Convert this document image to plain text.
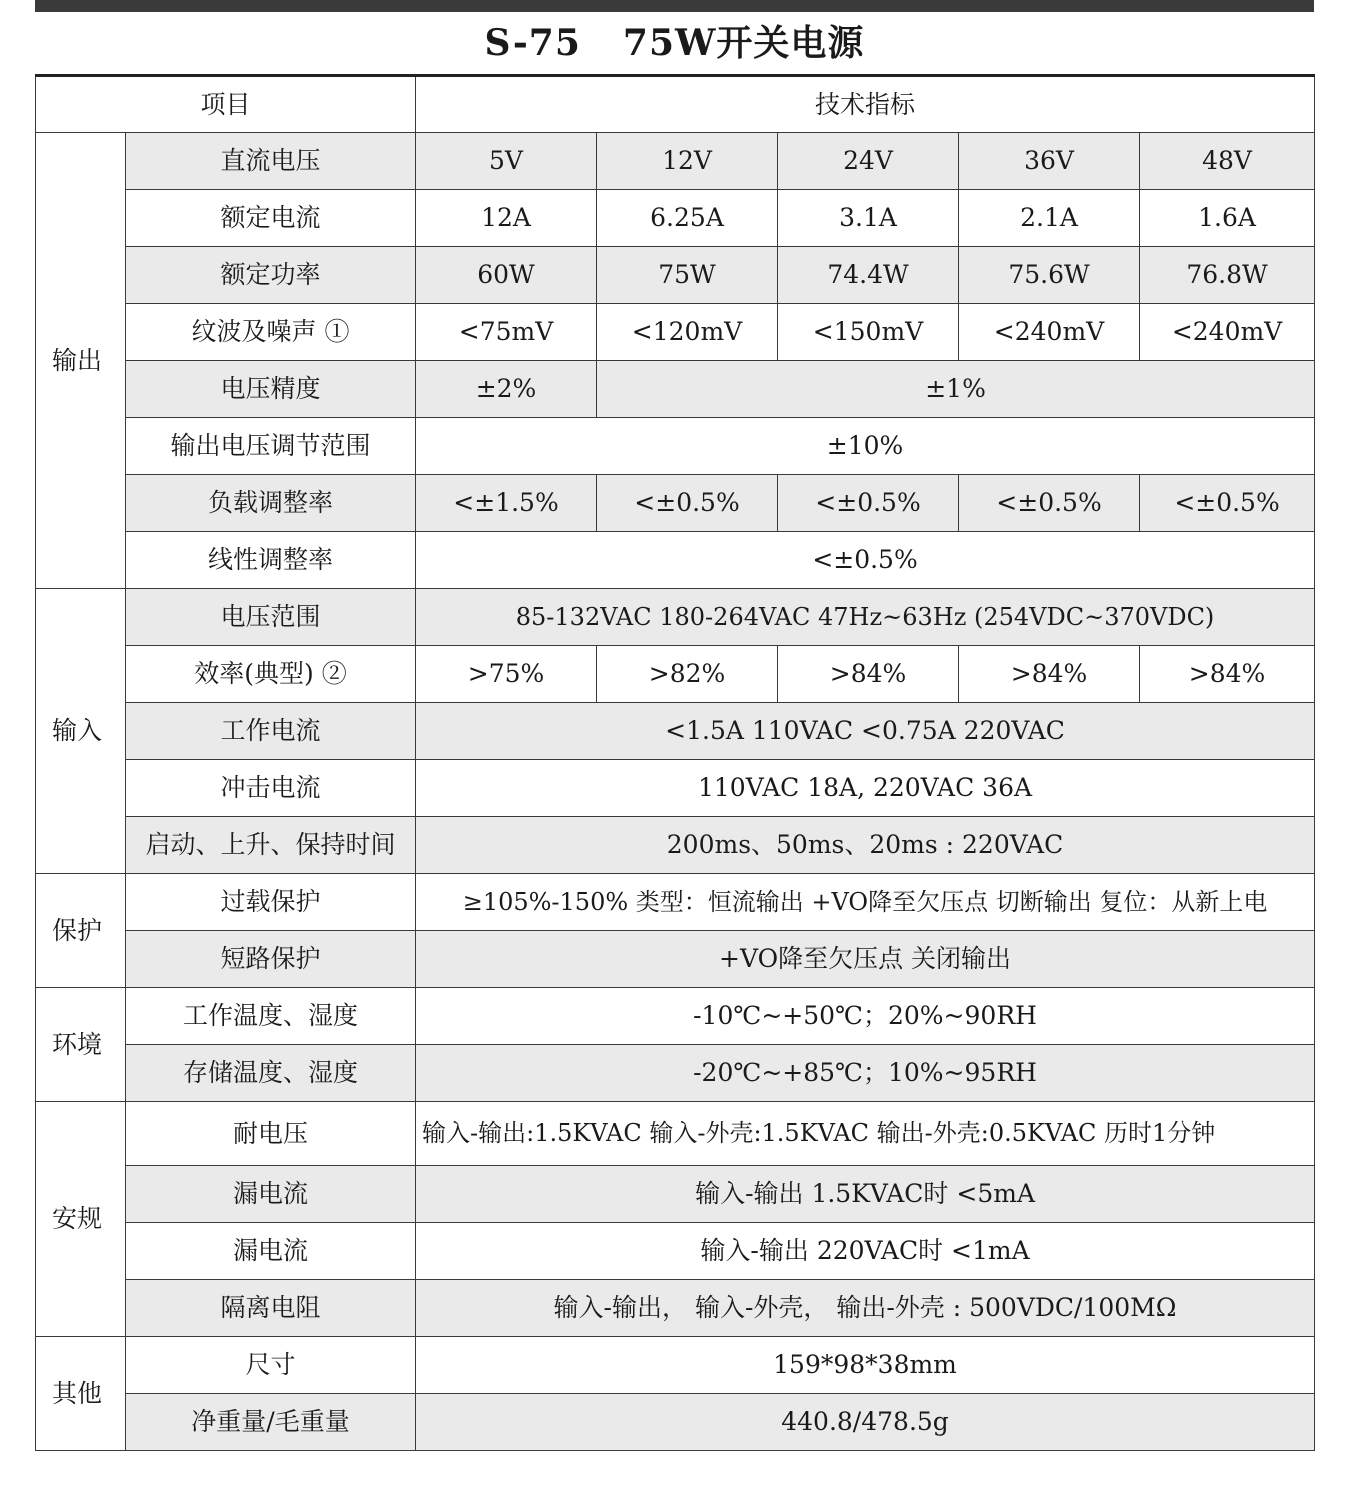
S-75 75W开关电源
项目		技术指标				
输出	直流电压	5V	12V	24V	36V	48V
	额定电流	12A	6.25A	3.1A	2.1A	1.6A
	额定功率	60W	75W	74.4W	75.6W	76.8W
	纹波及噪声 ①	<75mV	<120mV	<150mV	<240mV	<240mV
	电压精度	±2%	±1%			
	输出电压调节范围	±10%				
	负载调整率	<±1.5%	<±0.5%	<±0.5%	<±0.5%	<±0.5%
	线性调整率	<±0.5%				
输入	电压范围	85-132VAC 180-264VAC 47Hz~63Hz (254VDC~370VDC)				
	效率(典型) ②	>75%	>82%	>84%	>84%	>84%
	工作电流	<1.5A 110VAC <0.75A 220VAC				
	冲击电流	110VAC 18A, 220VAC 36A				
	启动、上升、保持时间	200ms、50ms、20ms : 220VAC				
保护	过载保护	≥105%-150% 类型：恒流输出 +VO降至欠压点 切断输出 复位：从新上电				
	短路保护	+VO降至欠压点 关闭输出				
环境	工作温度、湿度	-10℃~+50℃；20%~90RH				
	存储温度、湿度	-20℃~+85℃；10%~95RH				
安规	耐电压	输入-输出:1.5KVAC 输入-外壳:1.5KVAC 输出-外壳:0.5KVAC 历时1分钟				
	漏电流	输入-输出 1.5KVAC时 <5mA				
	漏电流	输入-输出 220VAC时 <1mA				
	隔离电阻	输入-输出， 输入-外壳， 输出-外壳 : 500VDC/100MΩ				
其他	尺寸	159*98*38mm				
	净重量/毛重量	440.8/478.5g				
